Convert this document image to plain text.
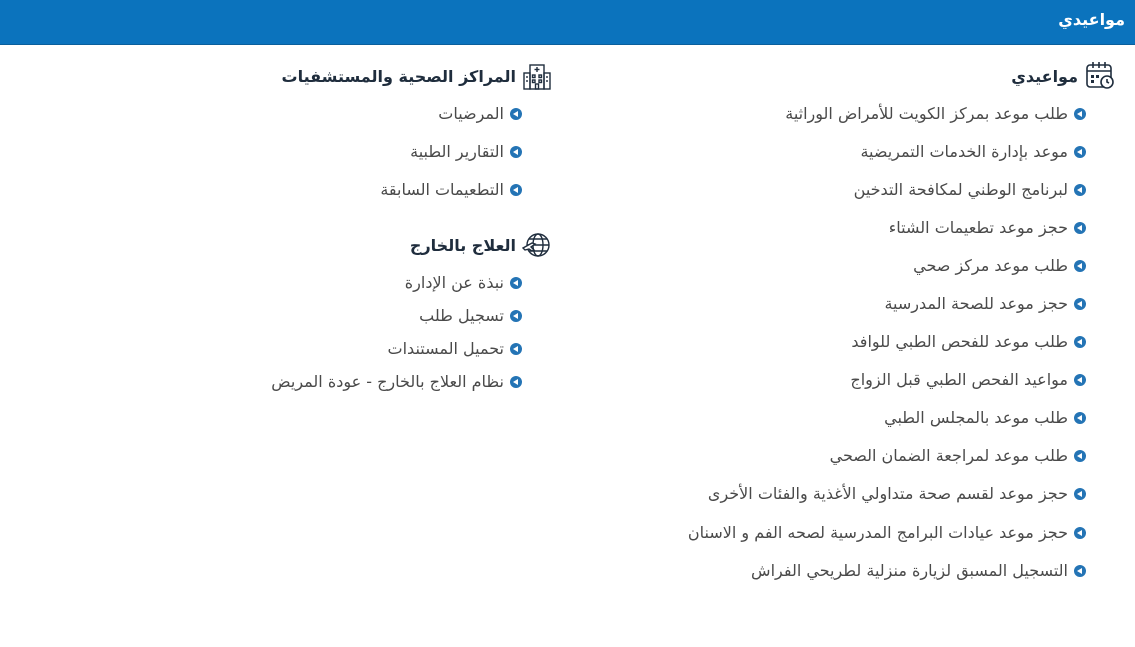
مواعيدي
مواعيدي
طلب موعد بمركز الكويت للأمراض الوراثية
موعد بإدارة الخدمات التمريضية
لبرنامج الوطني لمكافحة التدخين
حجز موعد تطعيمات الشتاء
طلب موعد مركز صحي
حجز موعد للصحة المدرسية
طلب موعد للفحص الطبي للوافد
مواعيد الفحص الطبي قبل الزواج
طلب موعد بالمجلس الطبي
طلب موعد لمراجعة الضمان الصحي
حجز موعد لقسم صحة متداولي الأغذية والفئات الأخرى
حجز موعد عيادات البرامج المدرسية لصحه الفم و الاسنان
التسجيل المسبق لزيارة منزلية لطريحي الفراش
المراكز الصحية والمستشفيات
المرضيات
التقارير الطبية
التطعيمات السابقة
العلاج بالخارج
نبذة عن الإدارة
تسجيل طلب
تحميل المستندات
نظام العلاج بالخارج - عودة المريض
